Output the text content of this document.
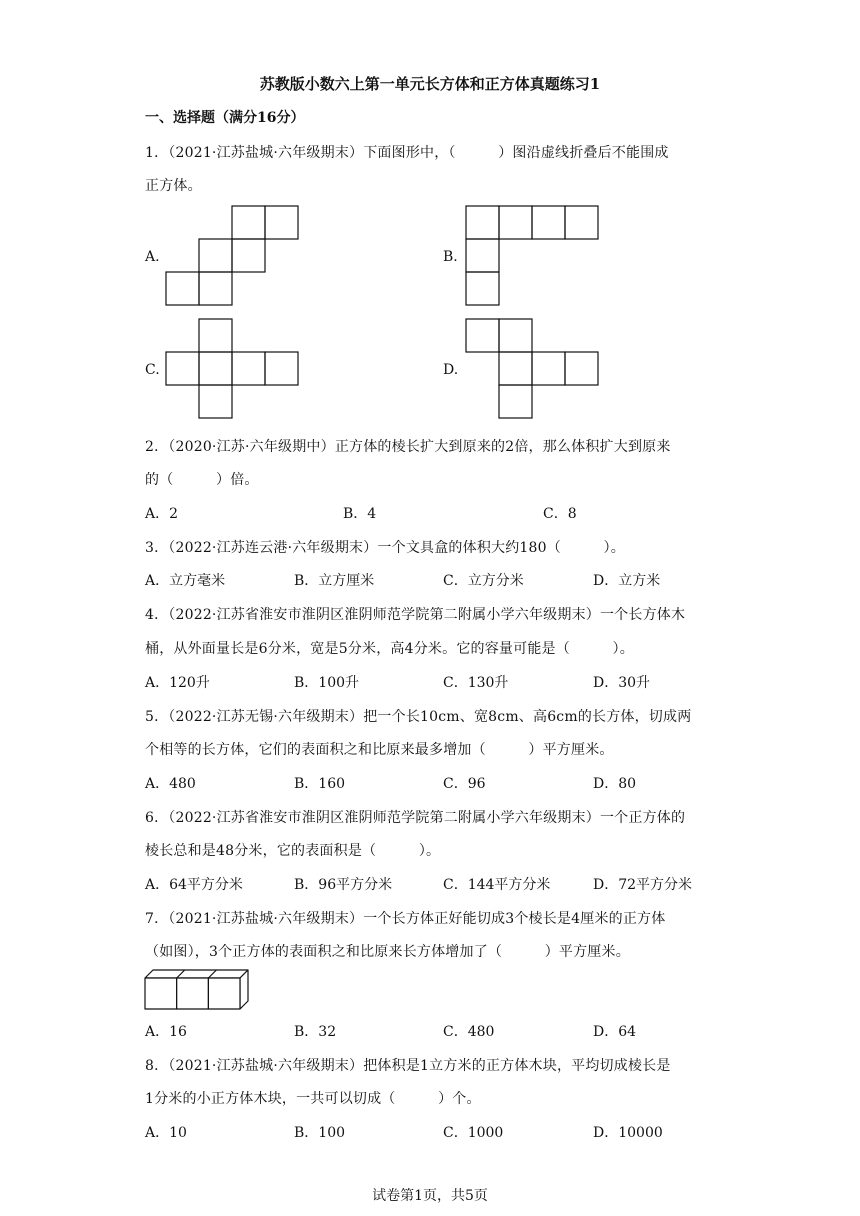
苏教版小数六上第一单元长方体和正方体真题练习1
一、选择题（满分16分）
1．（2021·江苏盐城·六年级期末）下面图形中，（　　　）图沿虚线折叠后不能围成
正方体。
A.	B.
C.	D.
2．（2020·江苏·六年级期中）正方体的棱长扩大到原来的2倍，那么体积扩大到原来
的（　　　）倍。
A．2	B．4	C．8
3．（2022·江苏连云港·六年级期末）一个文具盒的体积大约180（　　　）。
A．立方毫米	B．立方厘米	C．立方分米	D．立方米
4．（2022·江苏省淮安市淮阴区淮阴师范学院第二附属小学六年级期末）一个长方体木
桶，从外面量长是6分米，宽是5分米，高4分米。它的容量可能是（　　　）。
A．120升	B．100升	C．130升	D．30升
5．（2022·江苏无锡·六年级期末）把一个长10cm、宽8cm、高6cm的长方体，切成两
个相等的长方体，它们的表面积之和比原来最多增加（　　　）平方厘米。
A．480	B．160	C．96	D．80
6．（2022·江苏省淮安市淮阴区淮阴师范学院第二附属小学六年级期末）一个正方体的
棱长总和是48分米，它的表面积是（　　　）。
A．64平方分米	B．96平方分米	C．144平方分米	D．72平方分米
7．（2021·江苏盐城·六年级期末）一个长方体正好能切成3个棱长是4厘米的正方体
（如图），3个正方体的表面积之和比原来长方体增加了（　　　）平方厘米。
A．16	B．32	C．480	D．64
8．（2021·江苏盐城·六年级期末）把体积是1立方米的正方体木块，平均切成棱长是
1分米的小正方体木块，一共可以切成（　　　）个。
A．10	B．100	C．1000	D．10000
试卷第1页，共5页
